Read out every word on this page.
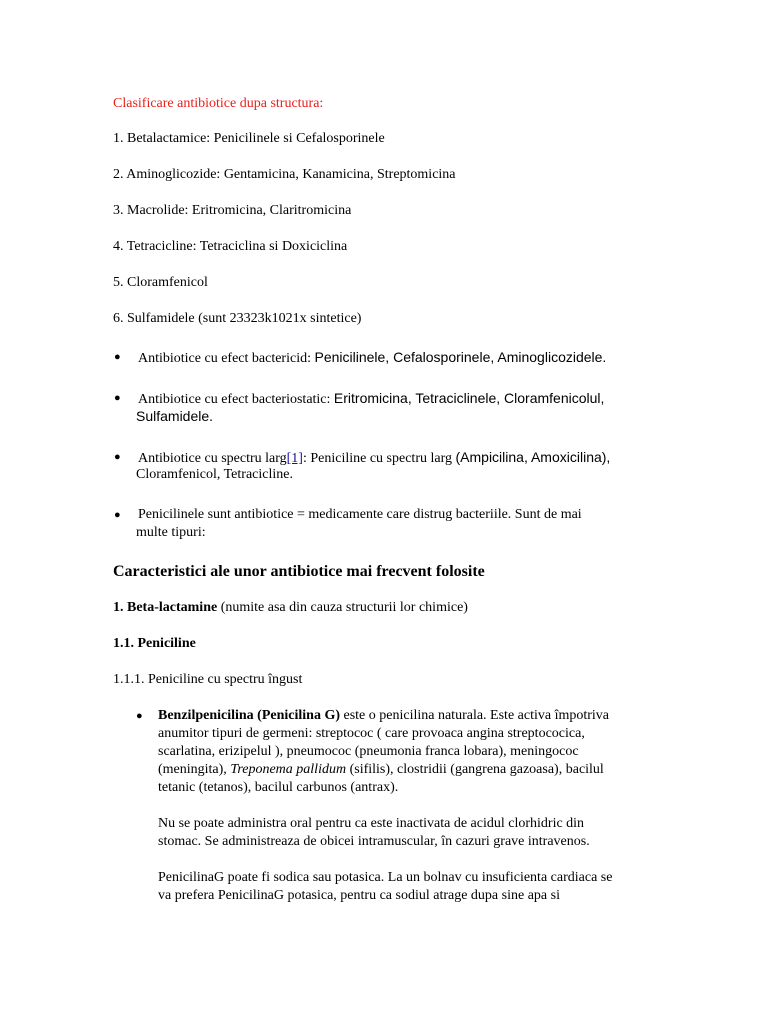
Clasificare antibiotice dupa structura:
1. Betalactamice: Penicilinele si Cefalosporinele
2. Aminoglicozide: Gentamicina, Kanamicina, Streptomicina
3. Macrolide: Eritromicina, Claritromicina
4. Tetracicline: Tetraciclina si Doxiciclina
5. Cloramfenicol
6. Sulfamidele (sunt 23323k1021x sintetice)
●
Antibiotice cu efect bactericid: Penicilinele, Cefalosporinele, Aminoglicozidele.
●
Antibiotice cu efect bacteriostatic: Eritromicina, Tetraciclinele, Cloramfenicolul,
Sulfamidele.
●
Antibiotice cu spectru larg[1]: Peniciline cu spectru larg (Ampicilina, Amoxicilina),
Cloramfenicol, Tetracicline.
●
Penicilinele sunt antibiotice = medicamente care distrug bacteriile. Sunt de mai
multe tipuri:
Caracteristici ale unor antibiotice mai frecvent folosite
1. Beta-lactamine (numite asa din cauza structurii lor chimice)
1.1. Peniciline
1.1.1. Peniciline cu spectru îngust
●
Benzilpenicilina (Penicilina G) este o penicilina naturala. Este activa împotriva
anumitor tipuri de germeni: streptococ ( care provoaca angina streptococica,
scarlatina, erizipelul ), pneumococ (pneumonia franca lobara), meningococ
(meningita), Treponema pallidum (sifilis), clostridii (gangrena gazoasa), bacilul
tetanic (tetanos), bacilul carbunos (antrax).
Nu se poate administra oral pentru ca este inactivata de acidul clorhidric din
stomac. Se administreaza de obicei intramuscular, în cazuri grave intravenos.
PenicilinaG poate fi sodica sau potasica. La un bolnav cu insuficienta cardiaca se
va prefera PenicilinaG potasica, pentru ca sodiul atrage dupa sine apa si
